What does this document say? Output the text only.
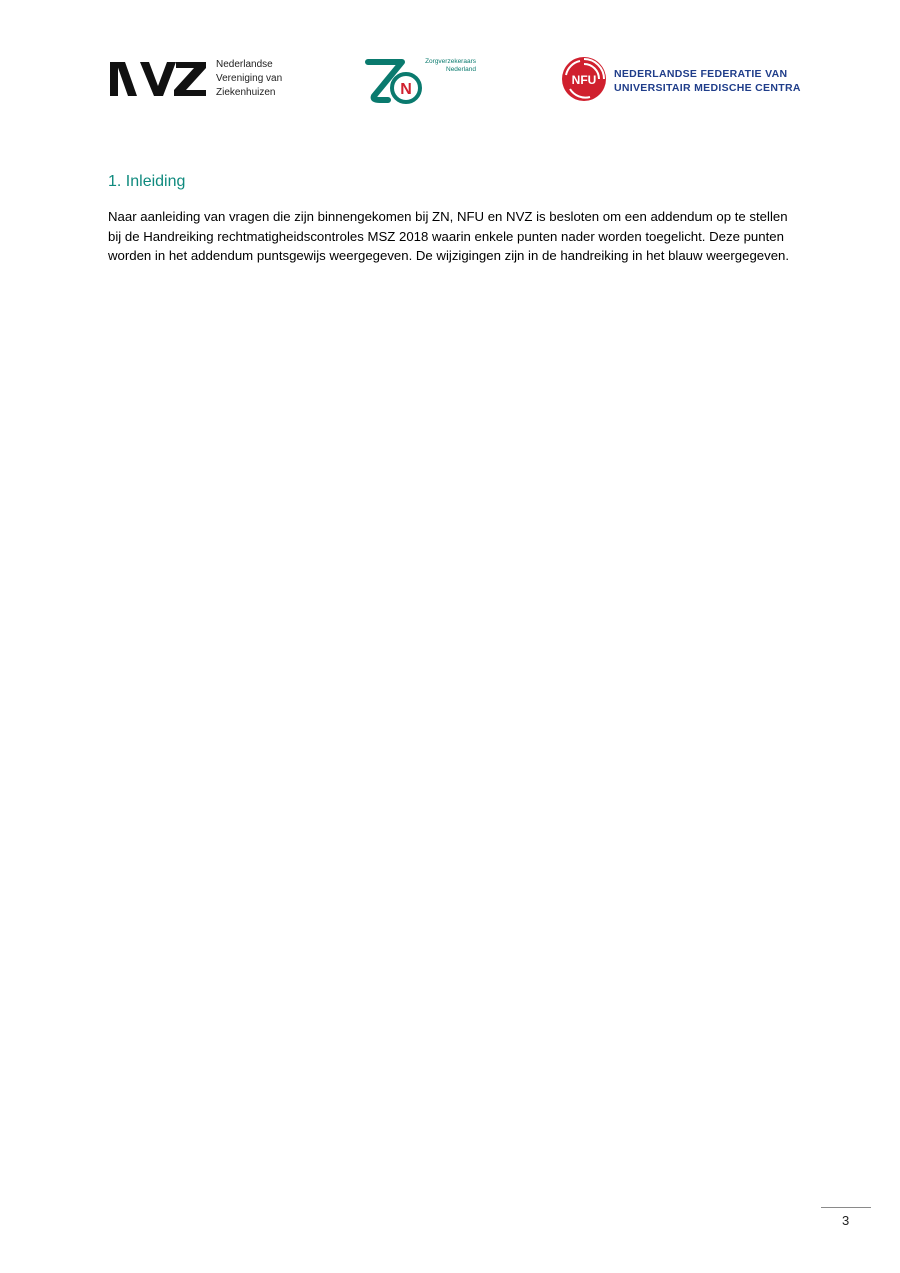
Nederlandse
Vereniging van
Ziekenhuizen	N
Zorgverzekeraars
Nederland
NFU NEDERLANDSE FEDERATIE VAN
UNIVERSITAIR MEDISCHE CENTRA
1. Inleiding

Naar aanleiding van vragen die zijn binnengekomen bij ZN, NFU en NVZ is besloten om een addendum op te stellen bij de Handreiking rechtmatigheidscontroles MSZ 2018 waarin enkele punten nader worden toegelicht. Deze punten worden in het addendum puntsgewijs weergegeven. De wijzigingen zijn in de handreiking in het blauw weergegeven.

3
